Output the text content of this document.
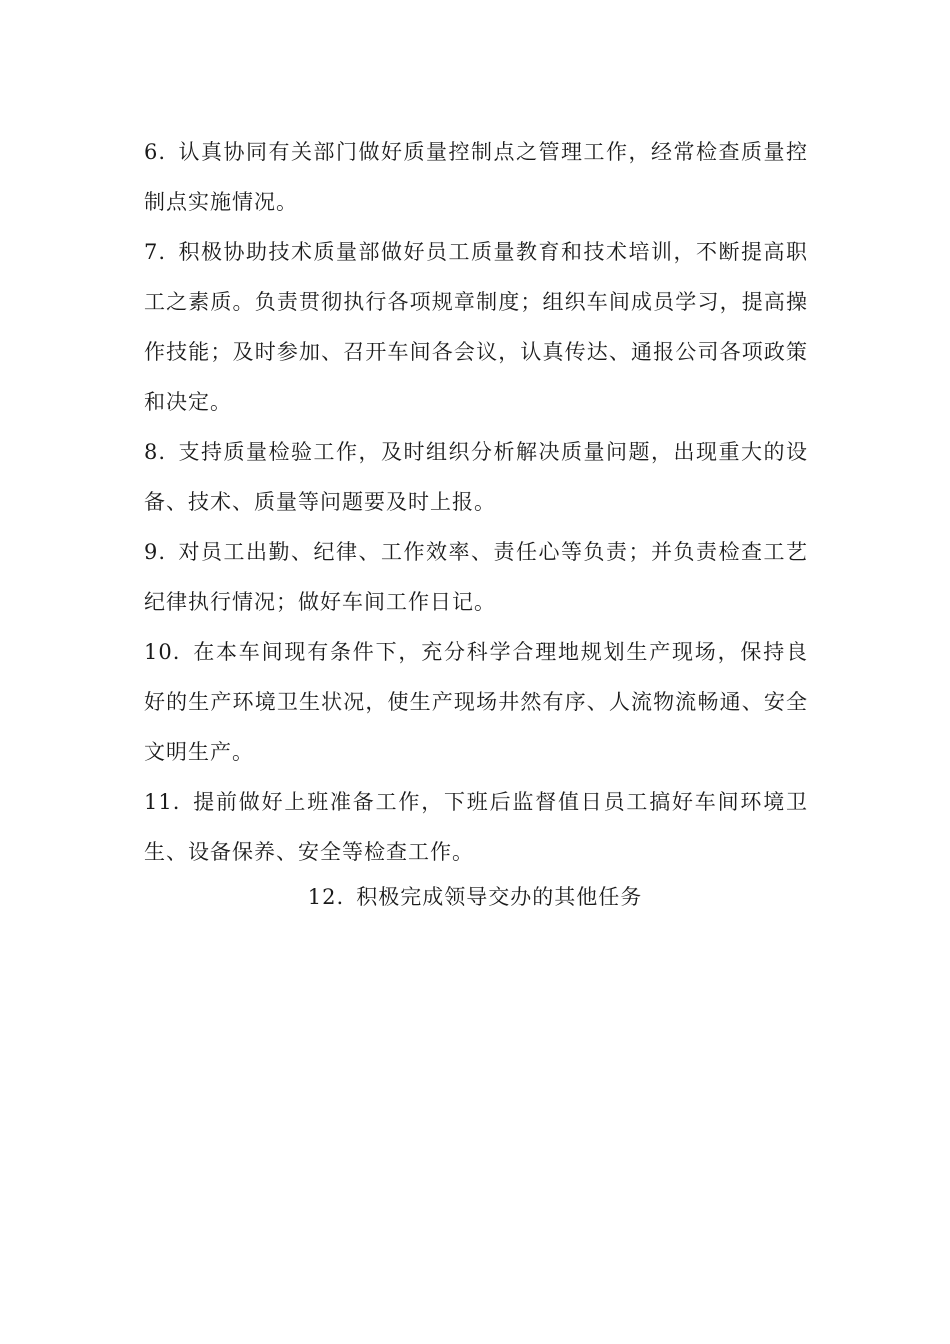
6. 认真协同有关部门做好质量控制点之管理工作，经常检查质量控制点实施情况。

7. 积极协助技术质量部做好员工质量教育和技术培训，不断提高职工之素质。负责贯彻执行各项规章制度；组织车间成员学习，提高操作技能；及时参加、召开车间各会议，认真传达、通报公司各项政策和决定。

8. 支持质量检验工作，及时组织分析解决质量问题，出现重大的设备、技术、质量等问题要及时上报。

9. 对员工出勤、纪律、工作效率、责任心等负责；并负责检查工艺纪律执行情况；做好车间工作日记。

10. 在本车间现有条件下，充分科学合理地规划生产现场，保持良好的生产环境卫生状况，使生产现场井然有序、人流物流畅通、安全文明生产。

11. 提前做好上班准备工作，下班后监督值日员工搞好车间环境卫生、设备保养、安全等检查工作。

12. 积极完成领导交办的其他任务
